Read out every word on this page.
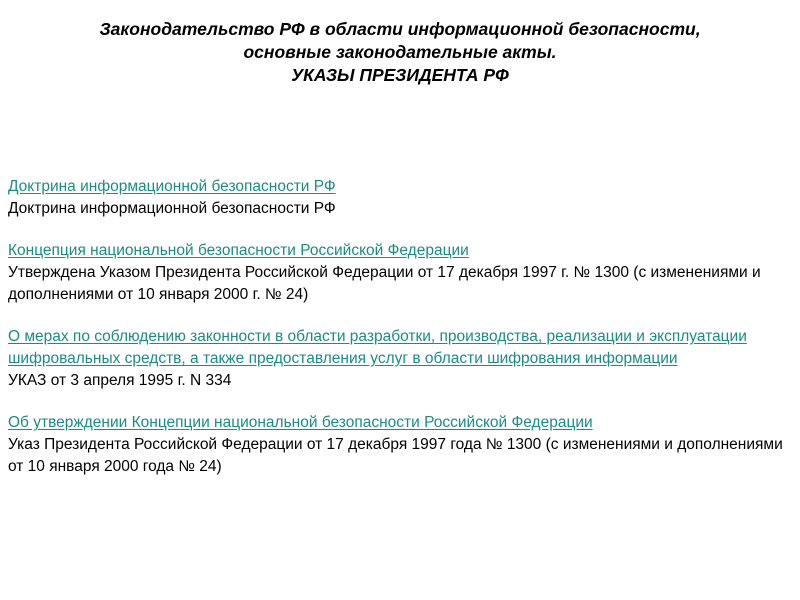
Законодательство РФ в области информационной безопасности,
основные законодательные акты.
УКАЗЫ ПРЕЗИДЕНТА РФ
Доктрина информационной безопасности РФ
Доктрина информационной безопасности РФ
Концепция национальной безопасности Российской Федерации
Утверждена Указом Президента Российской Федерации от 17 декабря 1997 г. № 1300 (с изменениями и дополнениями от 10 января 2000 г. № 24)
О мерах по соблюдению законности в области разработки, производства, реализации и эксплуатации шифровальных средств, а также предоставления услуг в области шифрования информации
УКАЗ от 3 апреля 1995 г. N 334
Об утверждении Концепции национальной безопасности Российской Федерации
Указ Президента Российской Федерации от 17 декабря 1997 года № 1300 (с изменениями и дополнениями от 10 января 2000 года № 24)
